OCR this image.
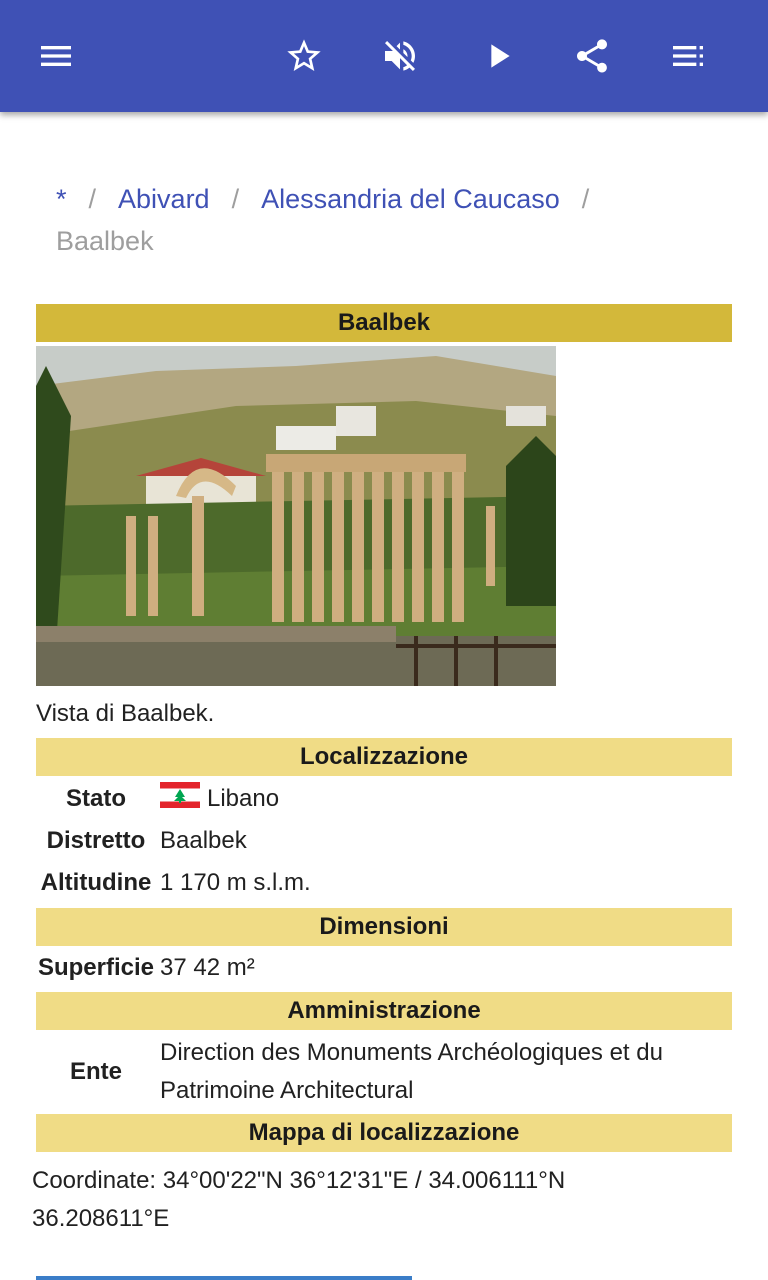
* / Abivard / Alessandria del Caucaso /
Baalbek
Baalbek
Vista di Baalbek.
Localizzazione
Stato	Libano
Distretto Baalbek
Altitudine 1 170 m s.l.m.
Dimensioni
Superficie 37 42 m²
Amministrazione
Ente
Direction des Monuments Archéologiques et du Patrimoine Architectural
Mappa di localizzazione
Coordinate: 34°00'22"N 36°12'31"E / 34.006111°N 36.208611°E
